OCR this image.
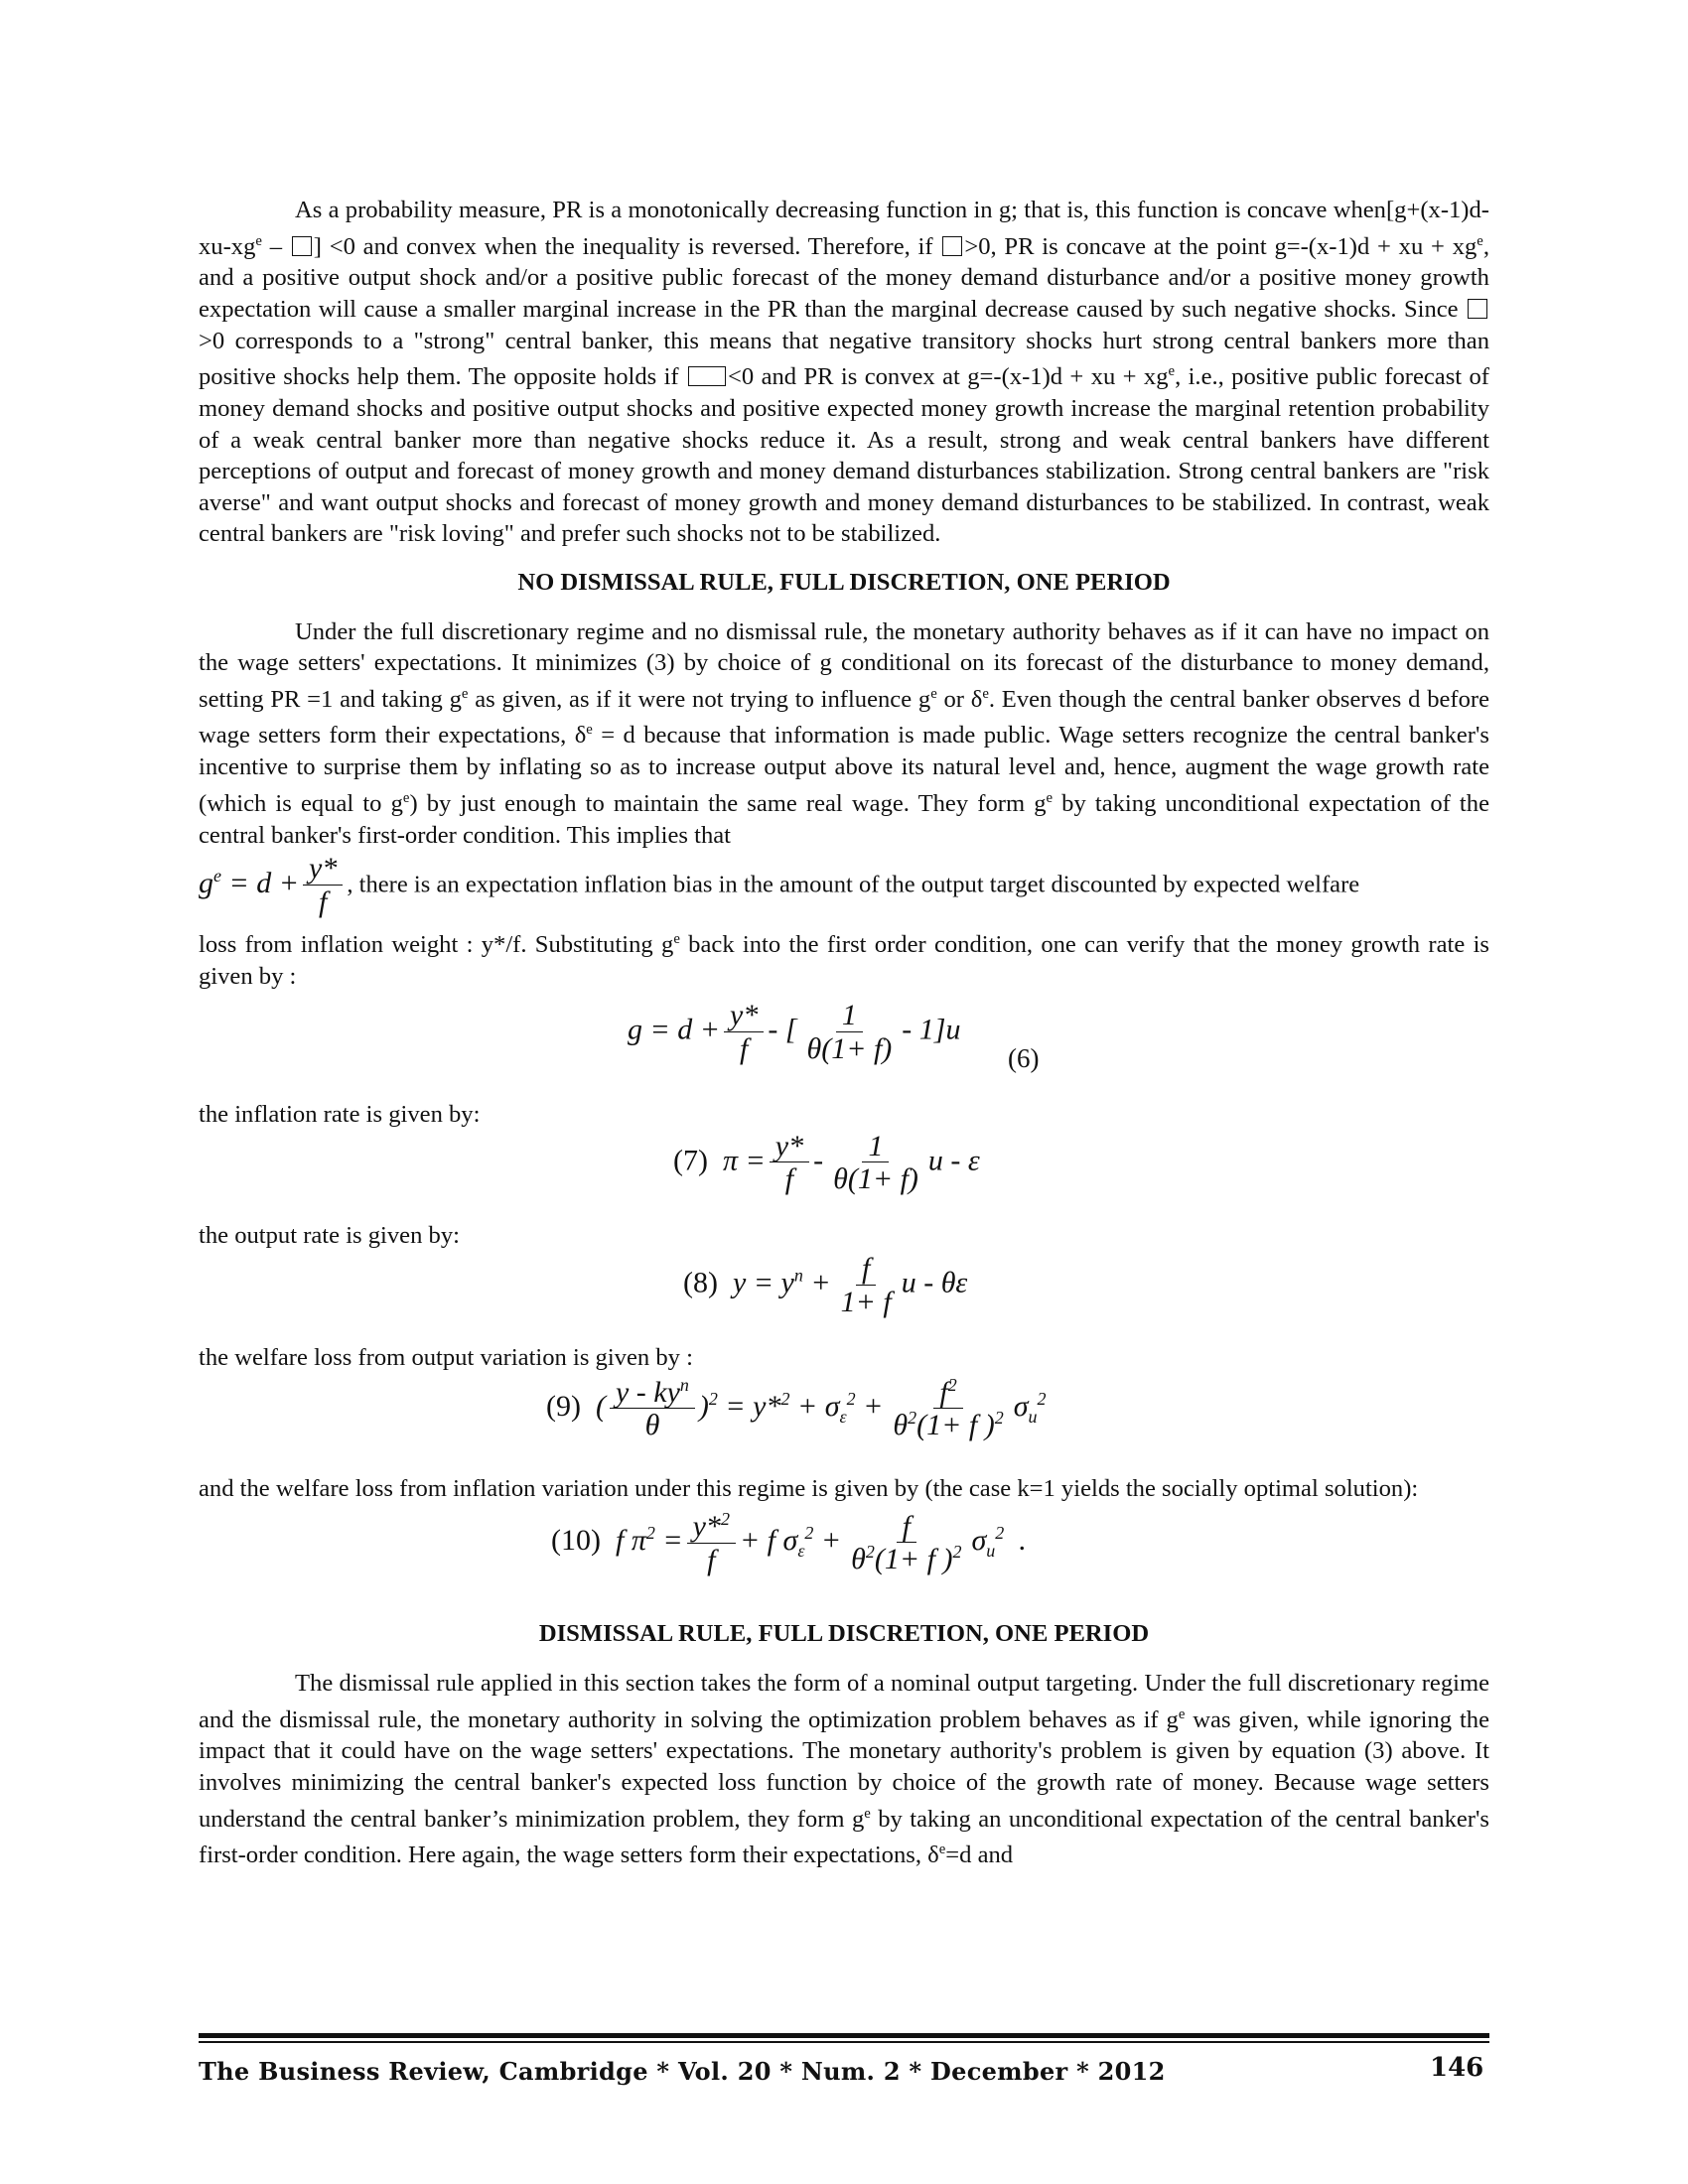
As a probability measure, PR is a monotonically decreasing function in g; that is, this function is concave $when[g+(x-1)d-xu-xg^e$ – ] <0 and convex when the inequality is reversed. Therefore, if >0, PR is concave at the point g=-(x-1)d + xu + $xg^e$, and a positive output shock and/or a positive public forecast of the money demand disturbance and/or a positive money growth expectation will cause a smaller marginal increase in the PR than the marginal decrease caused by such negative shocks. Since >0 corresponds to a "strong" central banker, this means that negative transitory shocks hurt strong central bankers more than positive shocks help them. The opposite holds if <0 and PR is convex at g=-(x-1)d + xu + $xg^e$, i.e., positive public forecast of money demand shocks and positive output shocks and positive expected money growth increase the marginal retention probability of a weak central banker more than negative shocks reduce it. As a result, strong and weak central bankers have different perceptions of output and forecast of money growth and money demand disturbances stabilization. Strong central bankers are "risk averse" and want output shocks and forecast of money growth and money demand disturbances to be stabilized. In contrast, weak central bankers are "risk loving" and prefer such shocks not to be stabilized.

NO DISMISSAL RULE, FULL DISCRETION, ONE PERIOD

Under the full discretionary regime and no dismissal rule, the monetary authority behaves as if it can have no impact on the wage setters' expectations. It minimizes (3) by choice of g conditional on its forecast of the disturbance to money demand, setting PR =1 and taking $g^e$ as given, as if it were not trying to influence $g^e$ or $\delta^e$. Even though the central banker observes d before wage setters form their expectations, $\delta^e = d$ because that information is made public. Wage setters recognize the central banker's incentive to surprise them by inflating so as to increase output above its natural level and, hence, augment the wage growth rate (which is equal to $g^e$) by just enough to maintain the same real wage. They form $g^e$ by taking unconditional expectation of the central banker's first-order condition. This implies that

$g^e = d + \frac{y*}{f}$ , there is an expectation inflation bias in the amount of the output target discounted by expected welfare

loss from inflation weight : y*/f. Substituting $g^e$ back into the first order condition, one can verify that the money growth rate is given by :

$g = d + \frac{y*}{f}$ - [ $\frac{1}{\theta(1+ f)} - 1]u$
(6)

the inflation rate is given by:

(7)  $\pi = \frac{y*}{f} - \frac{1}{\theta(1+ f)}$ u - ε

the output rate is given by:

(8)  $y = y^n + \frac{f}{1+ f}$ u - θε

the welfare loss from output variation is given by :

(9)  ( $\frac{y - ky^n}{\theta} )^2 = y*^2 + \sigma_\varepsilon^2 + \frac{f^2}{\theta^2(1+ f )^2} \sigma_u^2$

and the welfare loss from inflation variation under this regime is given by (the case k=1 yields the socially optimal solution):

(10)  f $\pi^2 = \frac{y*^2}{f} + f$ $\sigma_\varepsilon^2 + \frac{f}{\theta^2(1+ f )^2} \sigma_u^2$  .

DISMISSAL RULE, FULL DISCRETION, ONE PERIOD

The dismissal rule applied in this section takes the form of a nominal output targeting. Under the full discretionary regime and the dismissal rule, the monetary authority in solving the optimization problem behaves as if $g^e$ was given, while ignoring the impact that it could have on the wage setters' expectations. The monetary authority's problem is given by equation (3) above. It involves minimizing the central banker's expected loss function by choice of the growth rate of money. Because wage setters understand the central banker’s minimization problem, they form $g^e$ by taking an unconditional expectation of the central banker's first-order condition. Here again, the wage setters form their expectations, $\delta^e=d$ and

The Business Review, Cambridge * Vol. 20 * Num. 2 * December * 2012	146
